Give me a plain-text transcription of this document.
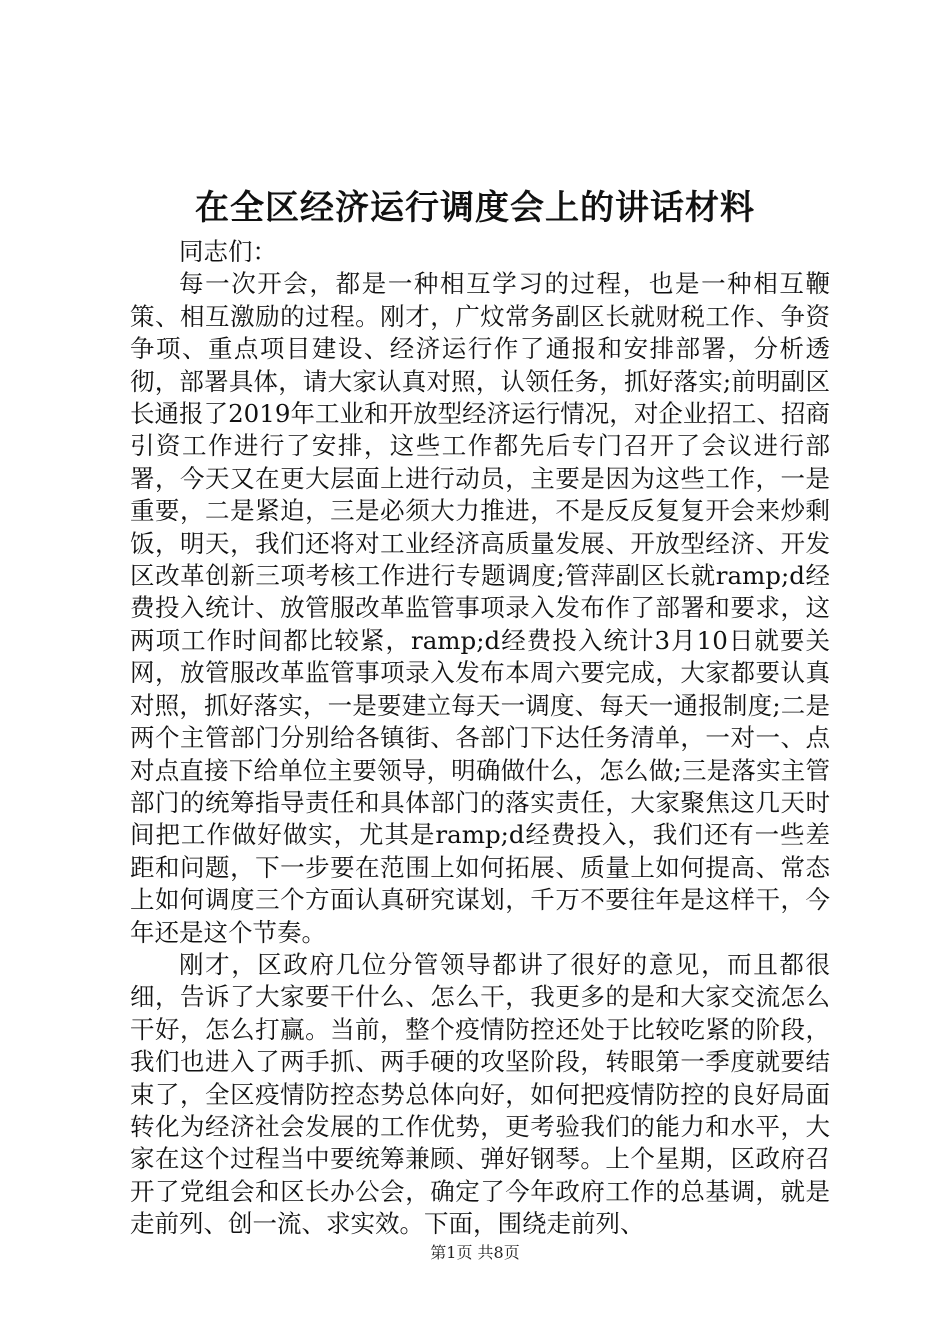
在全区经济运行调度会上的讲话材料

同志们：

每一次开会，都是一种相互学习的过程，也是一种相互鞭策、相互激励的过程。刚才，广炆常务副区长就财税工作、争资争项、重点项目建设、经济运行作了通报和安排部署，分析透彻，部署具体，请大家认真对照，认领任务，抓好落实;前明副区长通报了2019年工业和开放型经济运行情况，对企业招工、招商引资工作进行了安排，这些工作都先后专门召开了会议进行部署，今天又在更大层面上进行动员，主要是因为这些工作，一是重要，二是紧迫，三是必须大力推进，不是反反复复开会来炒剩饭，明天，我们还将对工业经济高质量发展、开放型经济、开发区改革创新三项考核工作进行专题调度;管萍副区长就ramp;d经费投入统计、放管服改革监管事项录入发布作了部署和要求，这两项工作时间都比较紧，ramp;d经费投入统计3月10日就要关网，放管服改革监管事项录入发布本周六要完成，大家都要认真对照，抓好落实，一是要建立每天一调度、每天一通报制度;二是两个主管部门分别给各镇街、各部门下达任务清单，一对一、点对点直接下给单位主要领导，明确做什么，怎么做;三是落实主管部门的统筹指导责任和具体部门的落实责任，大家聚焦这几天时间把工作做好做实，尤其是ramp;d经费投入，我们还有一些差距和问题，下一步要在范围上如何拓展、质量上如何提高、常态上如何调度三个方面认真研究谋划，千万不要往年是这样干，今年还是这个节奏。

刚才，区政府几位分管领导都讲了很好的意见，而且都很细，告诉了大家要干什么、怎么干，我更多的是和大家交流怎么干好，怎么打赢。当前，整个疫情防控还处于比较吃紧的阶段，我们也进入了两手抓、两手硬的攻坚阶段，转眼第一季度就要结束了，全区疫情防控态势总体向好，如何把疫情防控的良好局面转化为经济社会发展的工作优势，更考验我们的能力和水平，大家在这个过程当中要统筹兼顾、弹好钢琴。上个星期，区政府召开了党组会和区长办公会，确定了今年政府工作的总基调，就是走前列、创一流、求实效。下面，围绕走前列、

第1页 共8页
